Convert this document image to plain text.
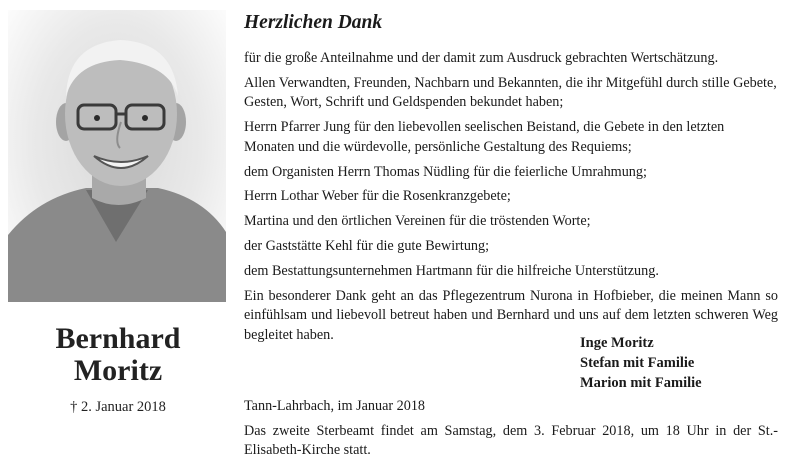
Bernhard
Moritz
† 2. Januar 2018
Herzlichen Dank

für die große Anteilnahme und der damit zum Ausdruck gebrachten Wertschätzung.

Allen Verwandten, Freunden, Nachbarn und Bekannten, die ihr Mitgefühl durch stille Gebete, Gesten, Wort, Schrift und Geldspenden bekundet haben;

Herrn Pfarrer Jung für den liebevollen seelischen Beistand, die Gebete in den letzten Monaten und die würdevolle, persönliche Gestaltung des Requiems;

dem Organisten Herrn Thomas Nüdling für die feierliche Umrahmung;

Herrn Lothar Weber für die Rosenkranzgebete;

Martina und den örtlichen Vereinen für die tröstenden Worte;

der Gaststätte Kehl für die gute Bewirtung;

dem Bestattungsunternehmen Hartmann für die hilfreiche Unterstützung.

Ein besonderer Dank geht an das Pflegezentrum Nurona in Hofbieber, die meinen Mann so einfühlsam und liebevoll betreut haben und Bernhard und uns auf dem letzten schweren Weg begleitet haben.

Inge Moritz
Stefan mit Familie
Marion mit Familie
Tann-Lahrbach, im Januar 2018
Das zweite Sterbeamt findet am Samstag, dem 3. Februar 2018, um 18 Uhr in der St.-Elisabeth-Kirche statt.
